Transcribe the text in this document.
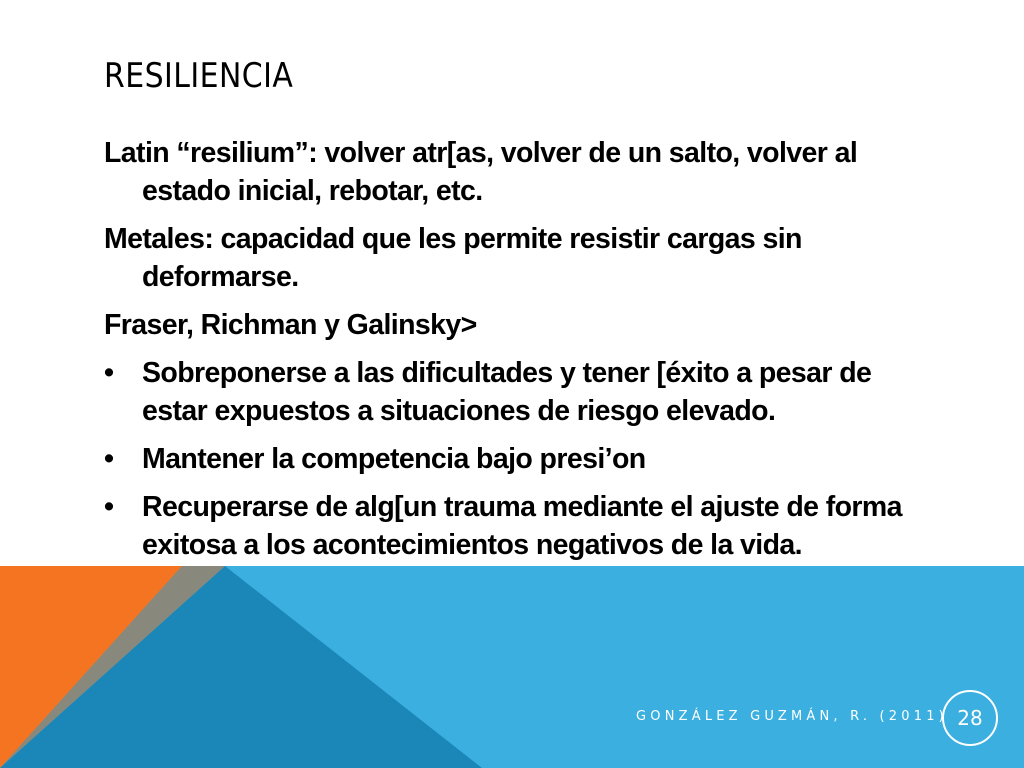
RESILIENCIA

Latin “resilium”: volver atr[as, volver de un salto, volver al estado inicial, rebotar, etc.

Metales: capacidad que les permite resistir cargas sin deformarse.

Fraser, Richman y Galinsky>

• Sobreponerse a las dificultades y tener [éxito a pesar de estar expuestos a situaciones de riesgo elevado.
• Mantener la competencia bajo presi’on
• Recuperarse de alg[un trauma mediante el ajuste de forma exitosa a los acontecimientos negativos de la vida.
GONZÁLEZ GUZMÁN, R. (2011) 28
